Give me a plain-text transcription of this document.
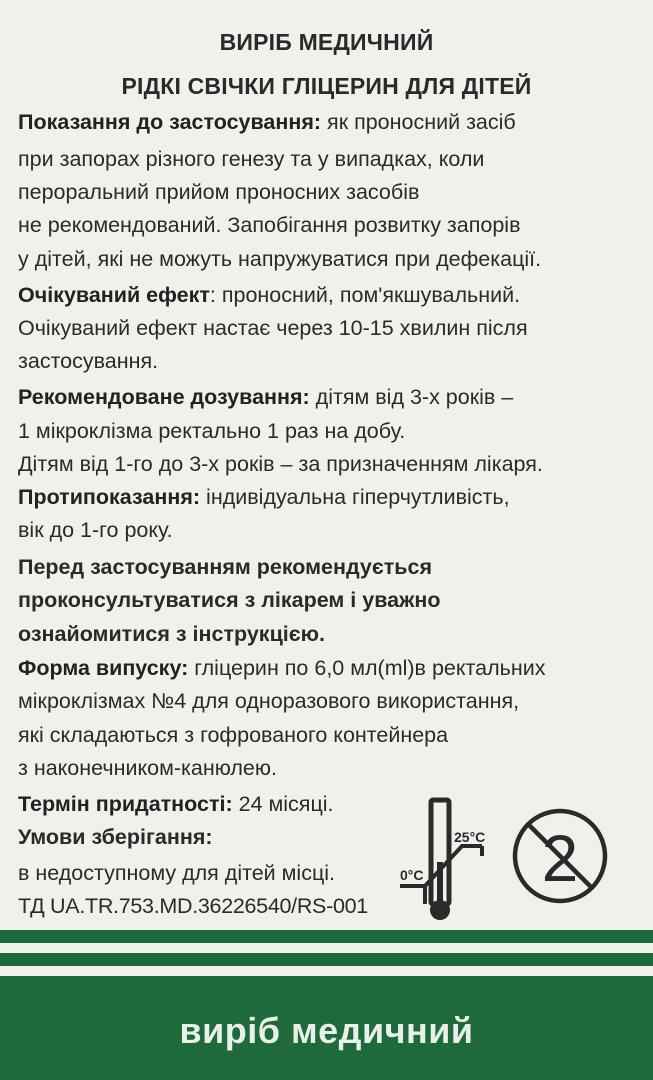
ВИРІБ МЕДИЧНИЙ
РІДКІ СВІЧКИ ГЛІЦЕРИН ДЛЯ ДІТЕЙ
Показання до застосування: як проносний засіб
при запорах різного генезу та у випадках, коли
пероральний прийом проносних засобів
не рекомендований. Запобігання розвитку запорів
у дітей, які не можуть напружуватися при дефекації.
Очікуваний ефект: проносний, пом'якшувальний.
Очікуваний ефект настає через 10-15 хвилин після
застосування.
Рекомендоване дозування: дітям від 3-х років –
1 мікроклізма ректально 1 раз на добу.
Дітям від 1-го до 3-х років – за призначенням лікаря.
Протипоказання: індивідуальна гіперчутливість,
вік до 1-го року.
Перед застосуванням рекомендується
проконсультуватися з лікарем і уважно
ознайомитися з інструкцією.
Форма випуску: гліцерин по 6,0 мл(ml)в ректальних
мікроклізмах №4 для одноразового використання,
які складаються з гофрованого контейнера
з наконечником-канюлею.
Термін придатності: 24 місяці.
Умови зберігання:
в недоступному для дітей місці.
ТД UA.TR.753.MD.36226540/RS-001
0°C
25°C 2
виріб медичний
